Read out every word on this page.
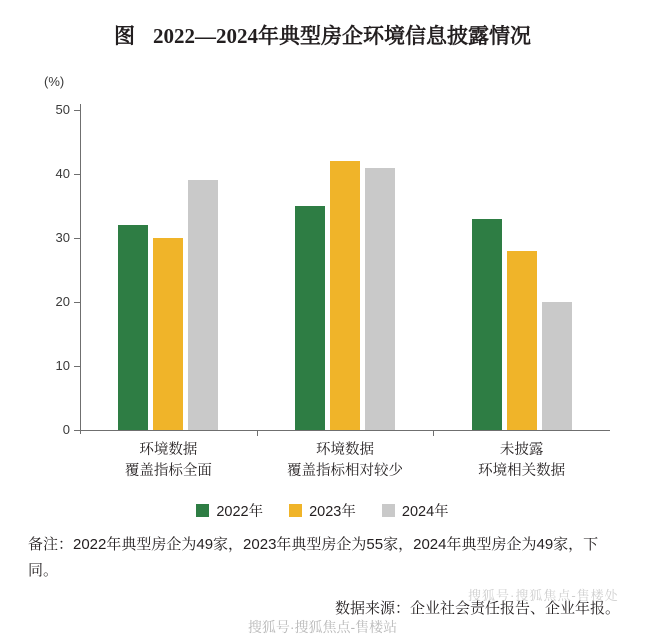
图 2022—2024年典型房企环境信息披露情况
(%)
0
10
20
30
40
50
环境数据
覆盖指标全面
环境数据
覆盖指标相对较少
未披露
环境相关数据
2022年	2023年	2024年
备注：2022年典型房企为49家，2023年典型房企为55家，2024年典型房企为49家，下同。
数据来源：企业社会责任报告、企业年报。
搜狐号·搜狐焦点-售楼处
搜狐号·搜狐焦点-售楼站
